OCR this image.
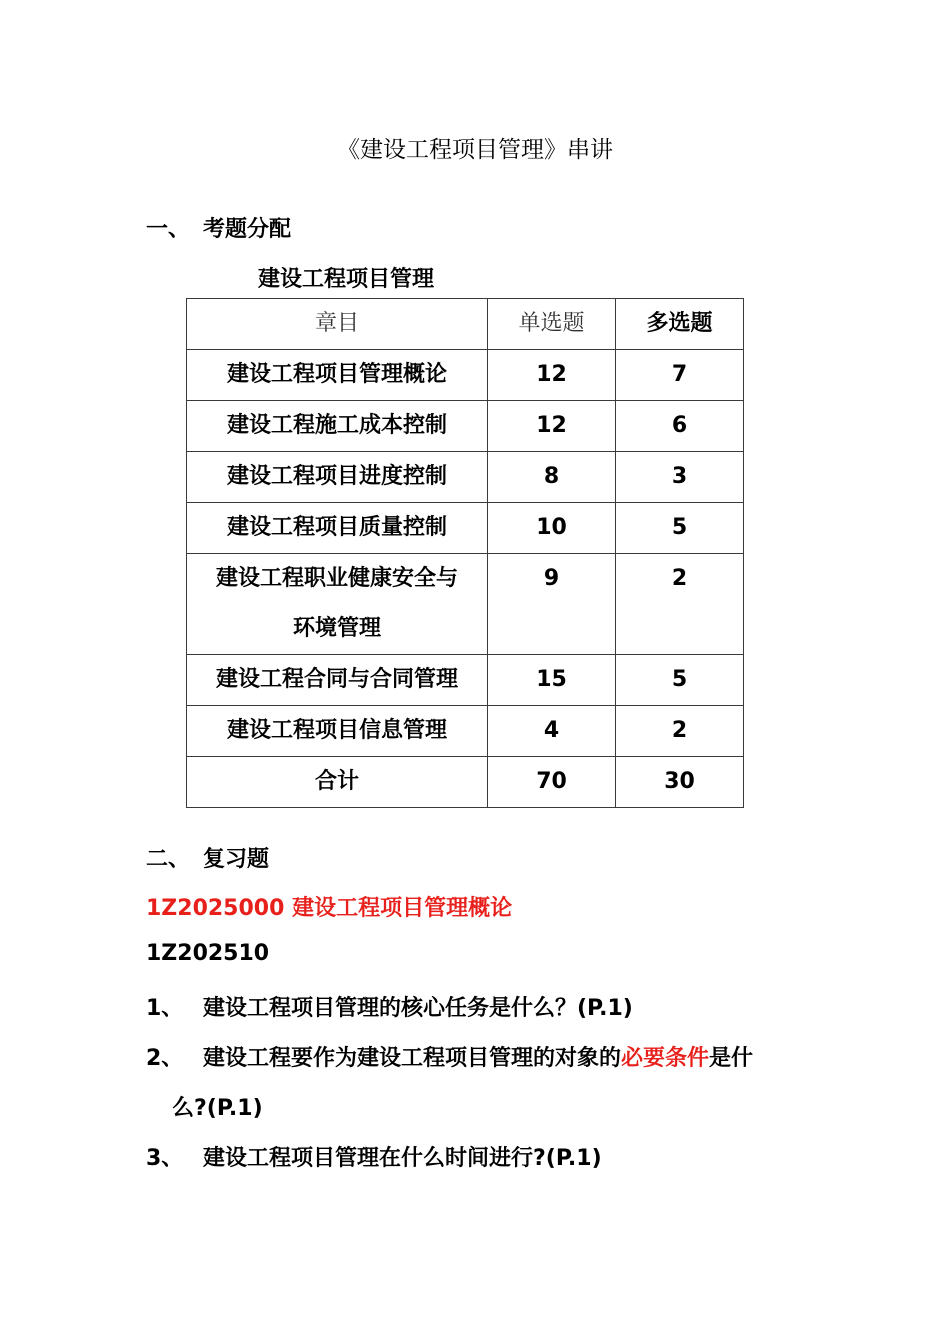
《建设工程项目管理》串讲
一、 考题分配
建设工程项目管理
章目	单选题	多选题
建设工程项目管理概论	12	7
建设工程施工成本控制	12	6
建设工程项目进度控制	8	3
建设工程项目质量控制	10	5

建设工程职业健康安全与
环境管理	9	2
建设工程合同与合同管理	15	5
建设工程项目信息管理	4	2
合计	70	30
二、 复习题
1Z2025000 建设工程项目管理概论
1Z202510
1、 建设工程项目管理的核心任务是什么？(P.1)
2、 建设工程要作为建设工程项目管理的对象的必要条件是什
么?(P.1)
3、 建设工程项目管理在什么时间进行?(P.1)
